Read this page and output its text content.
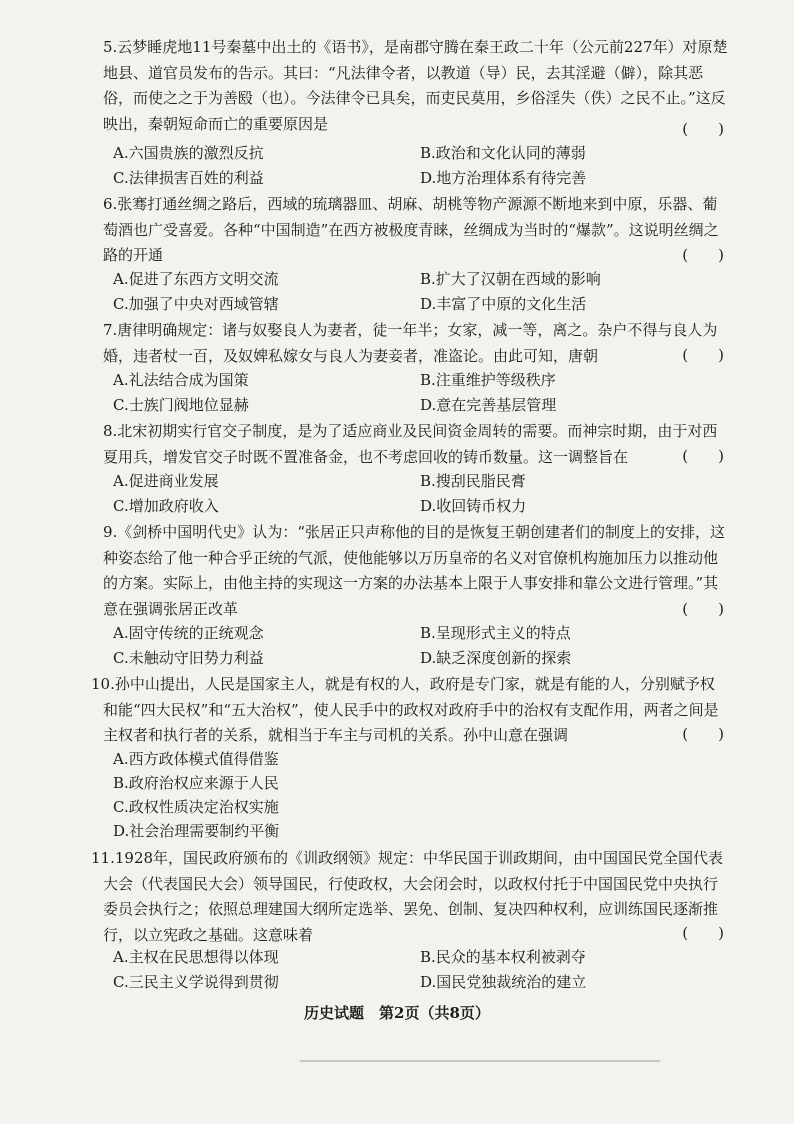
5.云梦睡虎地11号秦墓中出土的《语书》，是南郡守腾在秦王政二十年（公元前227年）对原楚地县、道官员发布的告示。其曰：“凡法律令者，以教道（导）民，去其淫避（僻），除其恶俗，而使之之于为善殹（也）。今法律令已具矣，而吏民莫用，乡俗淫失（佚）之民不止。”这反映出，秦朝短命而亡的重要原因是	(　　)
A.六国贵族的激烈反抗	B.政治和文化认同的薄弱
C.法律损害百姓的利益	D.地方治理体系有待完善

6.张骞打通丝绸之路后，西域的琉璃器皿、胡麻、胡桃等物产源源不断地来到中原，乐器、葡萄酒也广受喜爱。各种“中国制造”在西方被极度青睐，丝绸成为当时的“爆款”。这说明丝绸之路的开通	(　　)
A.促进了东西方文明交流	B.扩大了汉朝在西域的影响
C.加强了中央对西域管辖	D.丰富了中原的文化生活

7.唐律明确规定：诸与奴娶良人为妻者，徒一年半；女家，减一等，离之。杂户不得与良人为婚，违者杖一百，及奴婢私嫁女与良人为妻妾者，准盗论。由此可知，唐朝	(　　)
A.礼法结合成为国策	B.注重维护等级秩序
C.士族门阀地位显赫	D.意在完善基层管理

8.北宋初期实行官交子制度，是为了适应商业及民间资金周转的需要。而神宗时期，由于对西夏用兵，增发官交子时既不置准备金，也不考虑回收的铸币数量。这一调整旨在	(　　)
A.促进商业发展	B.搜刮民脂民膏
C.增加政府收入	D.收回铸币权力

9.《剑桥中国明代史》认为：“张居正只声称他的目的是恢复王朝创建者们的制度上的安排，这种姿态给了他一种合乎正统的气派，使他能够以万历皇帝的名义对官僚机构施加压力以推动他的方案。实际上，由他主持的实现这一方案的办法基本上限于人事安排和靠公文进行管理。”其意在强调张居正改革	(　　)
A.固守传统的正统观念	B.呈现形式主义的特点
C.未触动守旧势力利益	D.缺乏深度创新的探索

10.孙中山提出，人民是国家主人，就是有权的人，政府是专门家，就是有能的人，分别赋予权和能“四大民权”和“五大治权”，使人民手中的政权对政府手中的治权有支配作用，两者之间是主权者和执行者的关系，就相当于车主与司机的关系。孙中山意在强调	(　　)
A.西方政体模式值得借鉴
B.政府治权应来源于人民
C.政权性质决定治权实施
D.社会治理需要制约平衡

11.1928年，国民政府颁布的《训政纲领》规定：中华民国于训政期间，由中国国民党全国代表大会（代表国民大会）领导国民，行使政权，大会闭会时，以政权付托于中国国民党中央执行委员会执行之；依照总理建国大纲所定选举、罢免、创制、复决四种权利，应训练国民逐渐推行，以立宪政之基础。这意味着	(　　)
A.主权在民思想得以体现	B.民众的基本权利被剥夺
C.三民主义学说得到贯彻	D.国民党独裁统治的建立
历史试题　第2页（共8页）
